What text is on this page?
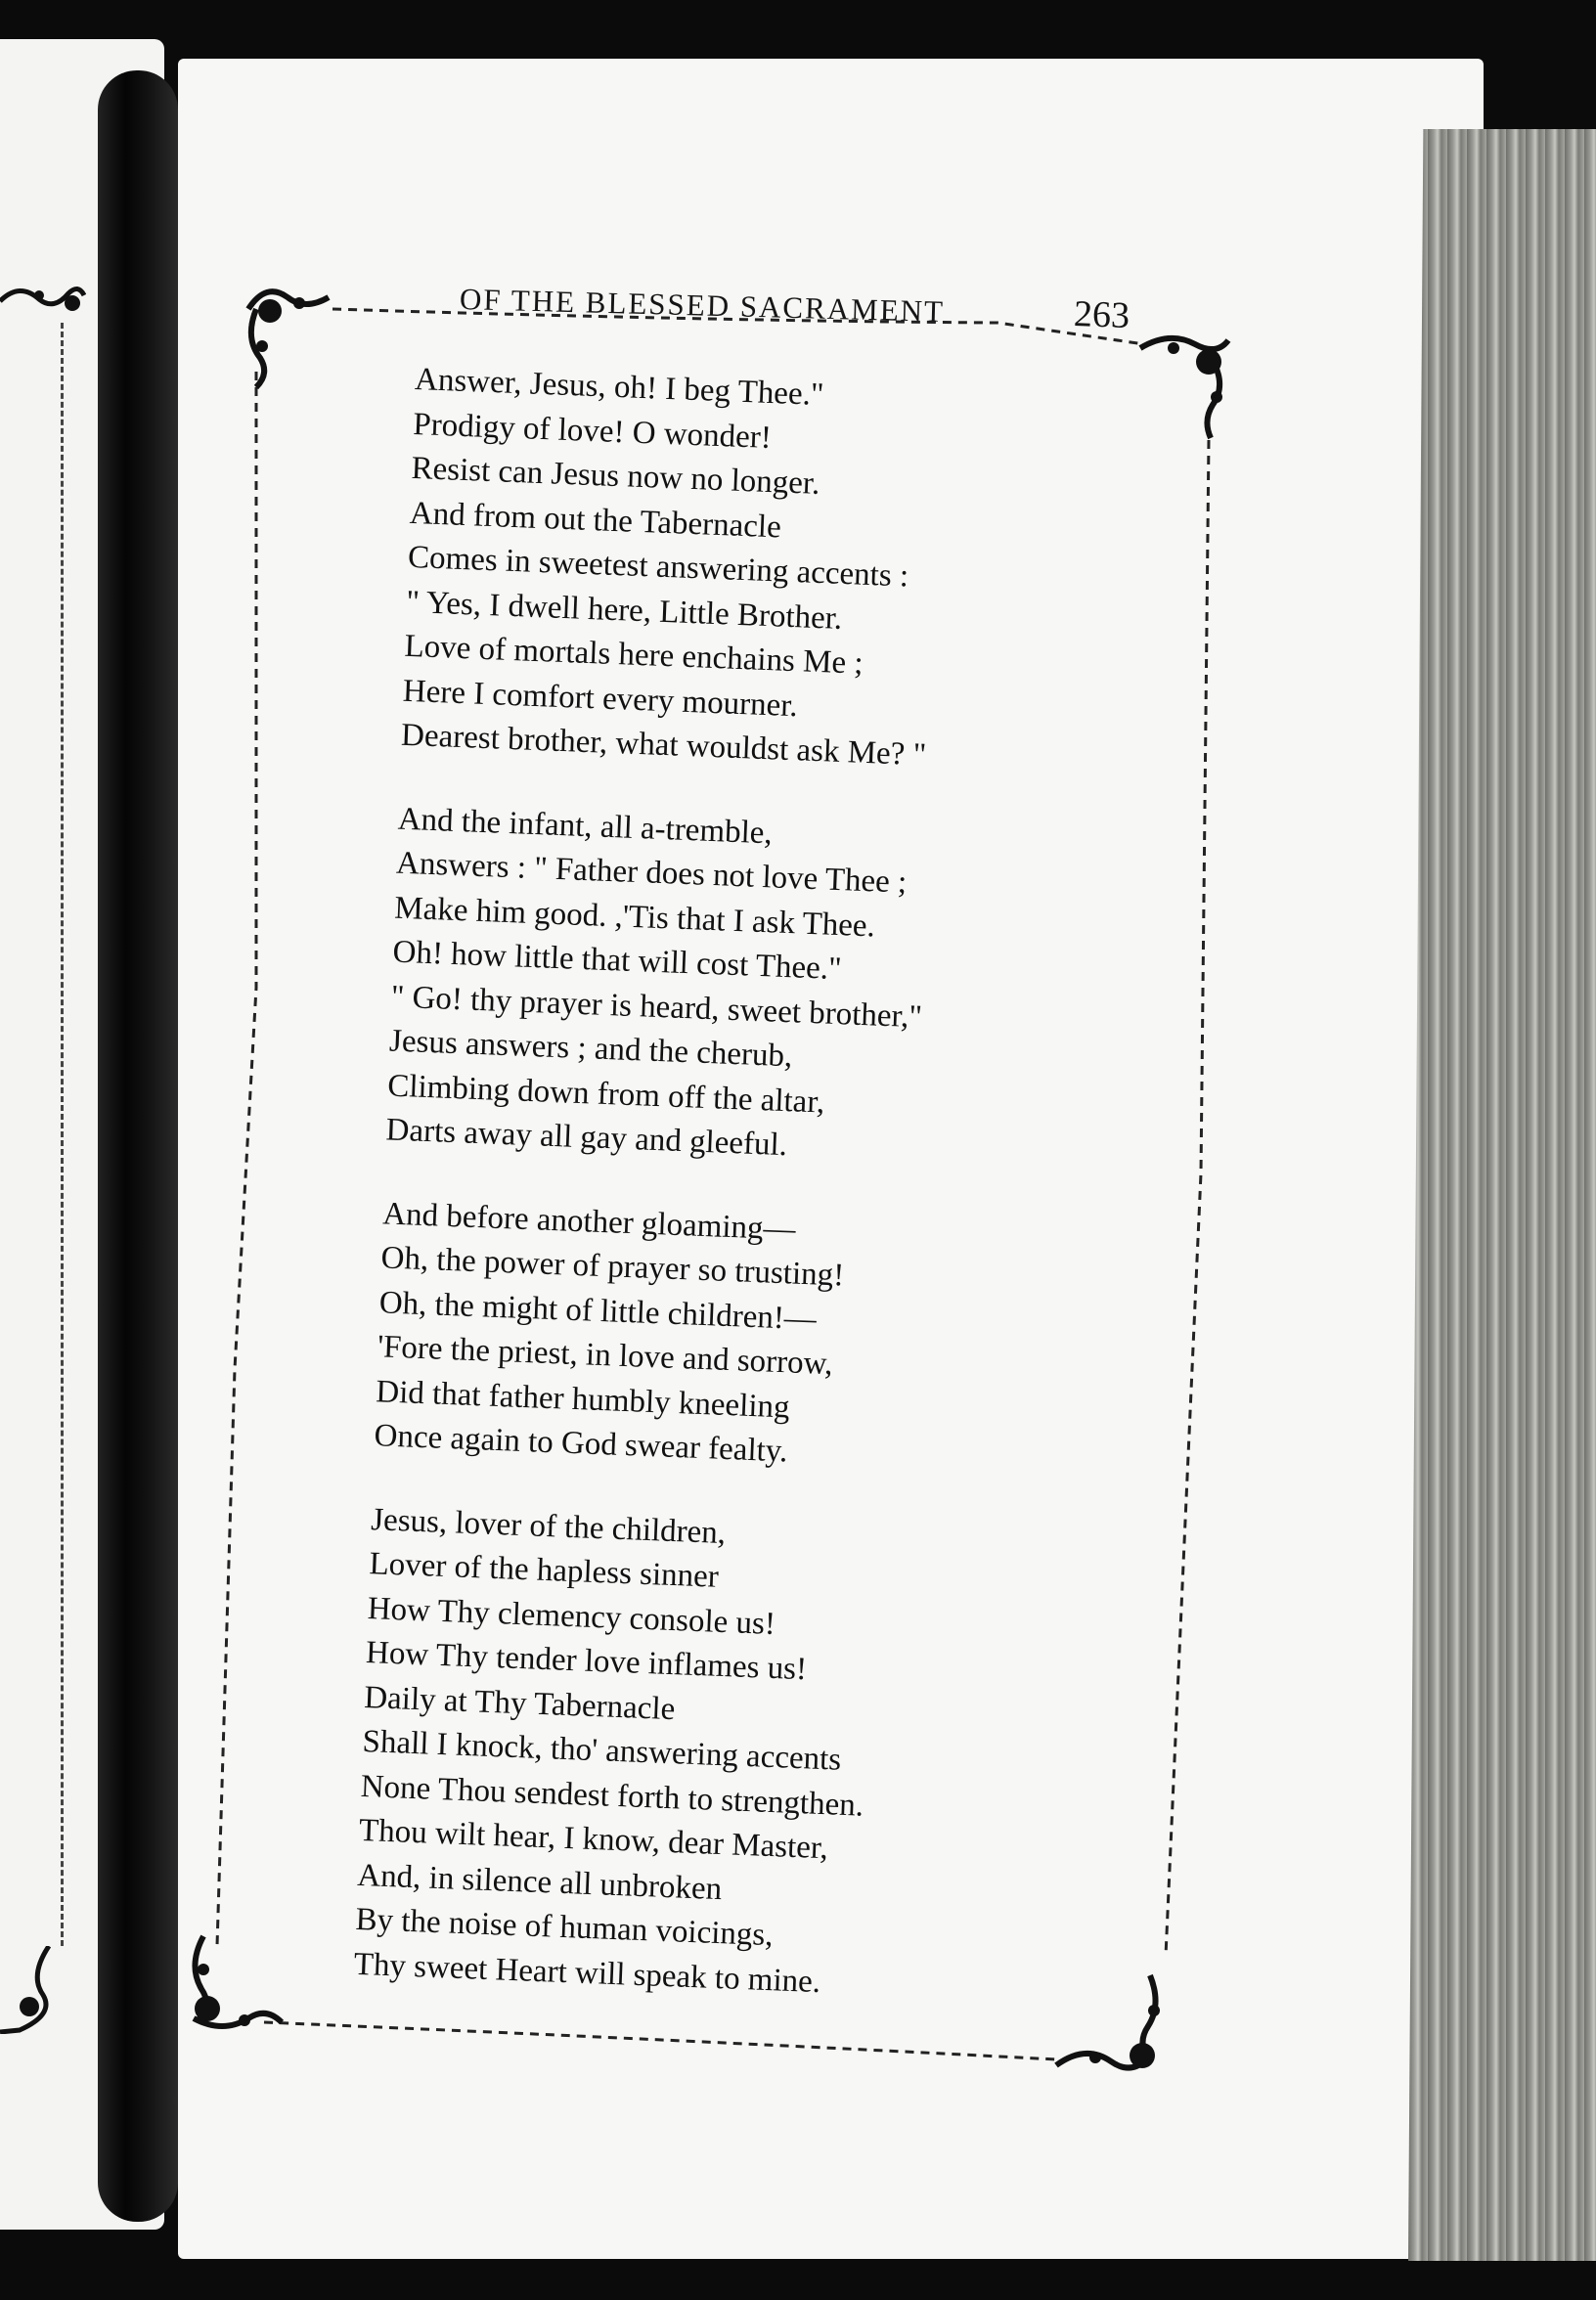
OF THE BLESSED SACRAMENT	263
Answer, Jesus, oh! I beg Thee."
Prodigy of love! O wonder!
Resist can Jesus now no longer.
And from out the Tabernacle
Comes in sweetest answering accents :
" Yes, I dwell here, Little Brother.
Love of mortals here enchains Me ;
Here I comfort every mourner.
Dearest brother, what wouldst ask Me? "
And the infant, all a-tremble,
Answers : " Father does not love Thee ;
Make him good. ,'Tis that I ask Thee.
Oh! how little that will cost Thee."
" Go! thy prayer is heard, sweet brother,"
Jesus answers ; and the cherub,
Climbing down from off the altar,
Darts away all gay and gleeful.
And before another gloaming—
Oh, the power of prayer so trusting!
Oh, the might of little children!—
'Fore the priest, in love and sorrow,
Did that father humbly kneeling
Once again to God swear fealty.
Jesus, lover of the children,
Lover of the hapless sinner
How Thy clemency console us!
How Thy tender love inflames us!
Daily at Thy Tabernacle
Shall I knock, tho' answering accents
None Thou sendest forth to strengthen.
Thou wilt hear, I know, dear Master,
And, in silence all unbroken
By the noise of human voicings,
Thy sweet Heart will speak to mine.
